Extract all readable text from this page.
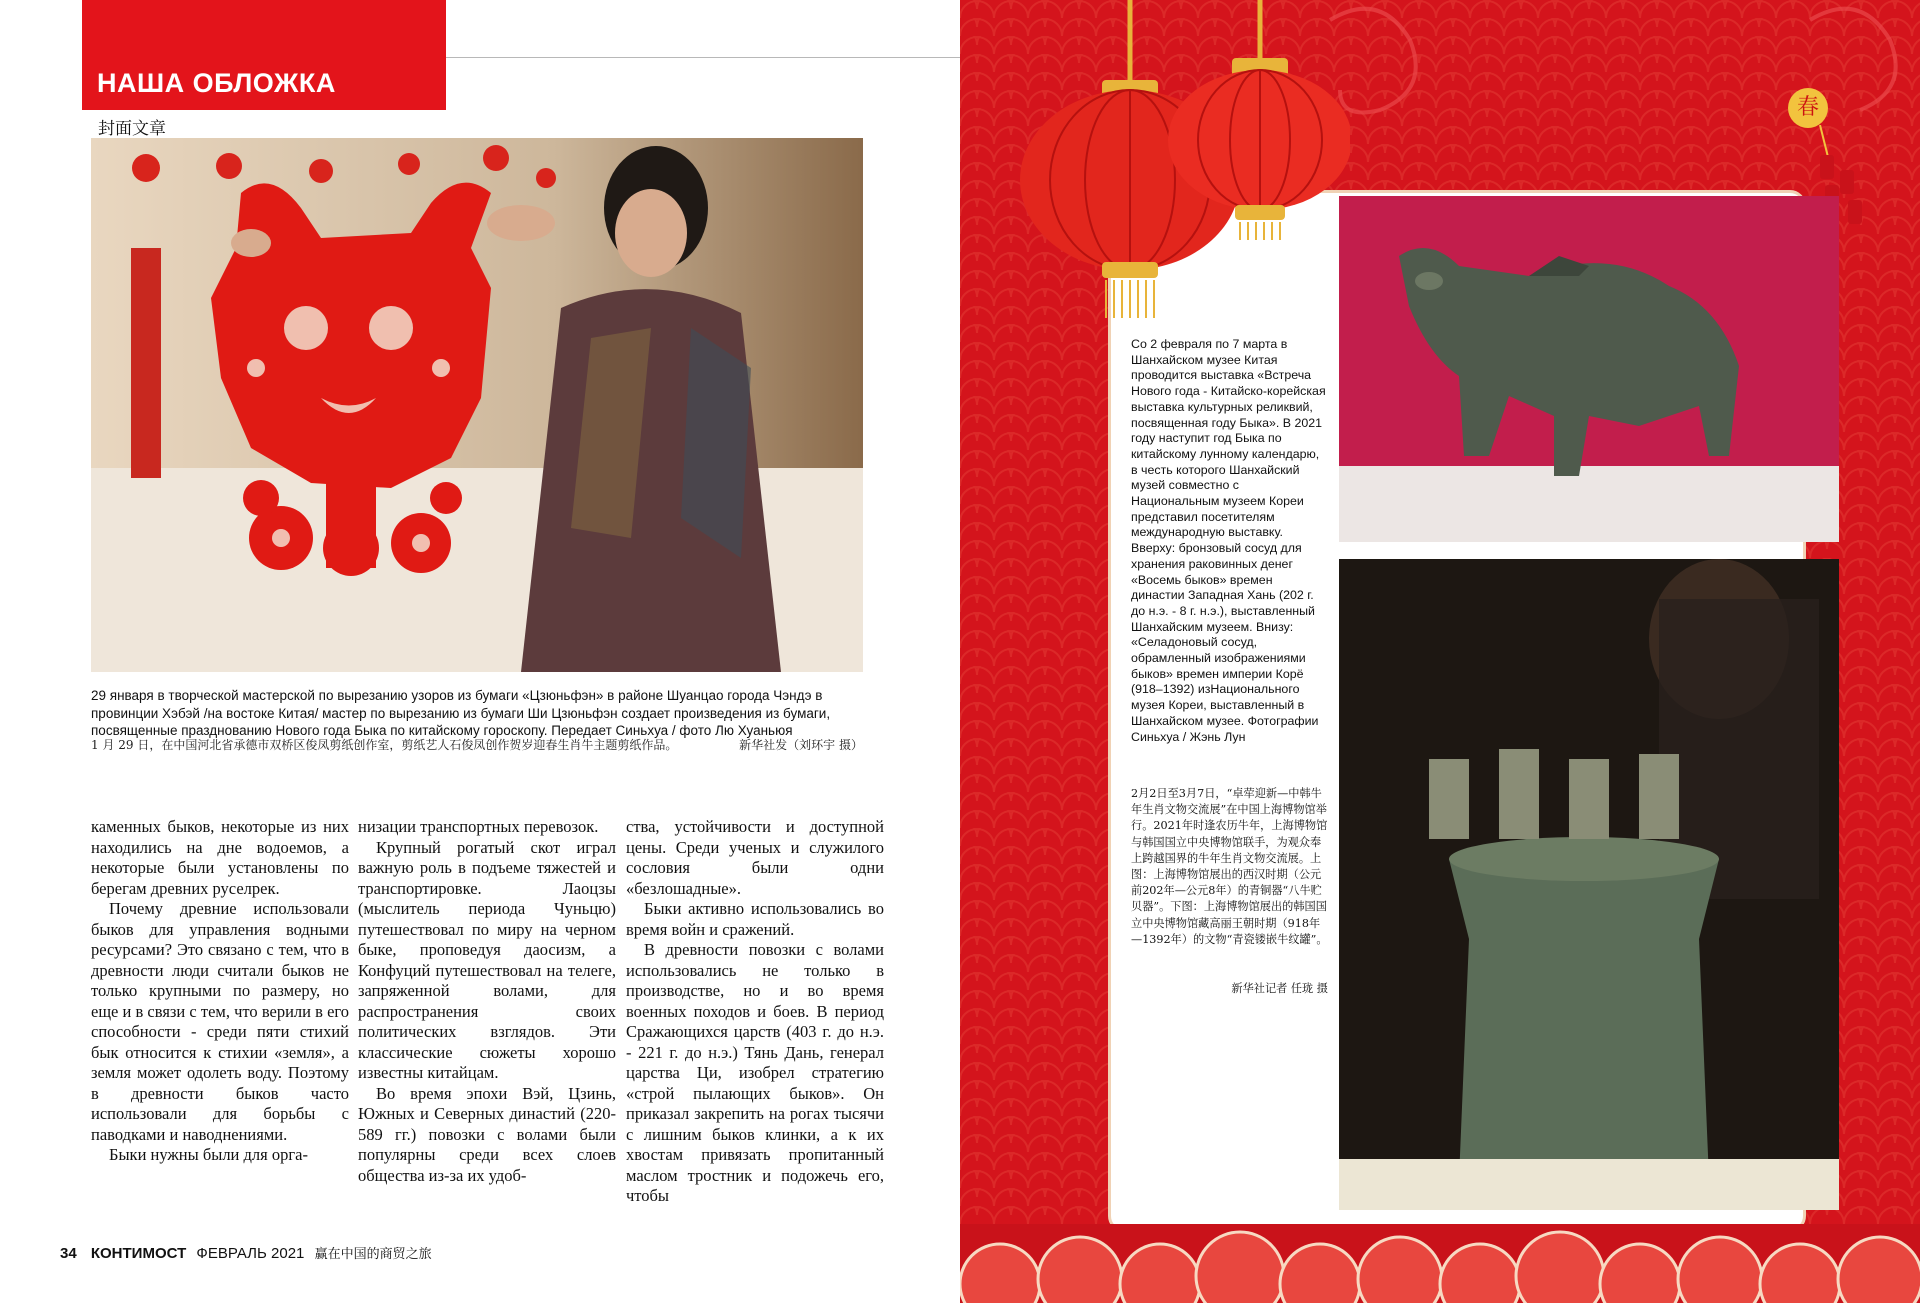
НАША ОБЛОЖКА
封面文章
29 января в творческой мастерской по вырезанию узоров из бумаги «Цзюньфэн» в районе Шуанцао города Чэндэ в провинции Хэбэй /на востоке Китая/ мастер по вырезанию из бумаги Ши Цзюньфэн создает произведения из бумаги, посвященные празднованию Нового года Быка по китайскому гороскопу. Передает Синьхуа / фото Лю Хуаньюя
1 月 29 日，在中国河北省承德市双桥区俊凤剪纸创作室，剪纸艺人石俊凤创作贺岁迎春生肖牛主题剪纸作品。	新华社发（刘环宇 摄）

каменных быков, некоторые из них находились на дне водоемов, а некоторые были установлены по берегам древних руселрек.

Почему древние использовали быков для управления водными ресурсами? Это связано с тем, что в древности люди считали быков не только крупными по размеру, но еще и в связи с тем, что верили в его способности - среди пяти стихий бык относится к стихии «земля», а земля может одолеть воду. Поэтому в древности быков часто использовали для борьбы с паводками и наводнениями.

Быки нужны были для орга-

низации транспортных перевозок.

Крупный рогатый скот играл важную роль в подъеме тяжестей и транспортировке. Лаоцзы (мыслитель периода Чуньцю) путешествовал по миру на черном быке, проповедуя даосизм, а Конфуций путешествовал на телеге, запряженной волами, для распространения своих политических взглядов. Эти классические сюжеты хорошо известны китайцам.

Во время эпохи Вэй, Цзинь, Южных и Северных династий (220-589 гг.) повозки с волами были популярны среди всех слоев общества из-за их удоб-

ства, устойчивости и доступной цены. Среди ученых и служилого сословия были одни «безлошадные».

Быки активно использовались во время войн и сражений.

В древности повозки с волами использовались не только в производстве, но и во время военных походов и боев. В период Сражающихся царств (403 г. до н.э. - 221 г. до н.э.) Тянь Дань, генерал царства Ци, изобрел стратегию «строй пылающих быков». Он приказал закрепить на рогах тысячи с лишним быков клинки, а к их хвостам привязать пропитанный маслом тростник и подожечь его, чтобы

34 КОНТИМОСТ ФЕВРАЛЬ 2021 赢在中国的商贸之旅
春
Со 2 февраля по 7 марта в Шанхайском музее Китая проводится выставка «Встреча Нового года - Китайско-корейская выставка культурных реликвий, посвященная году Быка». В 2021 году наступит год Быка по китайскому лунному календарю, в честь которого Шанхайский музей совместно с Национальным музеем Кореи представил посетителям международную выставку. Вверху: бронзовый сосуд для хранения раковинных денег «Восемь быков» времен династии Западная Хань (202 г. до н.э. - 8 г. н.э.), выставленный Шанхайским музеем. Внизу: «Селадоновый сосуд, обрамленный изображениями быков» времен империи Корё (918–1392) изНационального музея Кореи, выставленный в Шанхайском музее. Фотографии Синьхуа / Жэнь Лун
2月2日至3月7日，“卓荦迎新—中韩牛年生肖文物交流展”在中国上海博物馆举行。2021年时逢农历牛年，上海博物馆与韩国国立中央博物馆联手，为观众奉上跨越国界的牛年生肖文物交流展。上图：上海博物馆展出的西汉时期（公元前202年—公元8年）的青铜器“八牛贮贝器”。下图：上海博物馆展出的韩国国立中央博物馆藏高丽王朝时期（918年—1392年）的文物“青瓷镂嵌牛纹罐”。
新华社记者 任珑 摄
